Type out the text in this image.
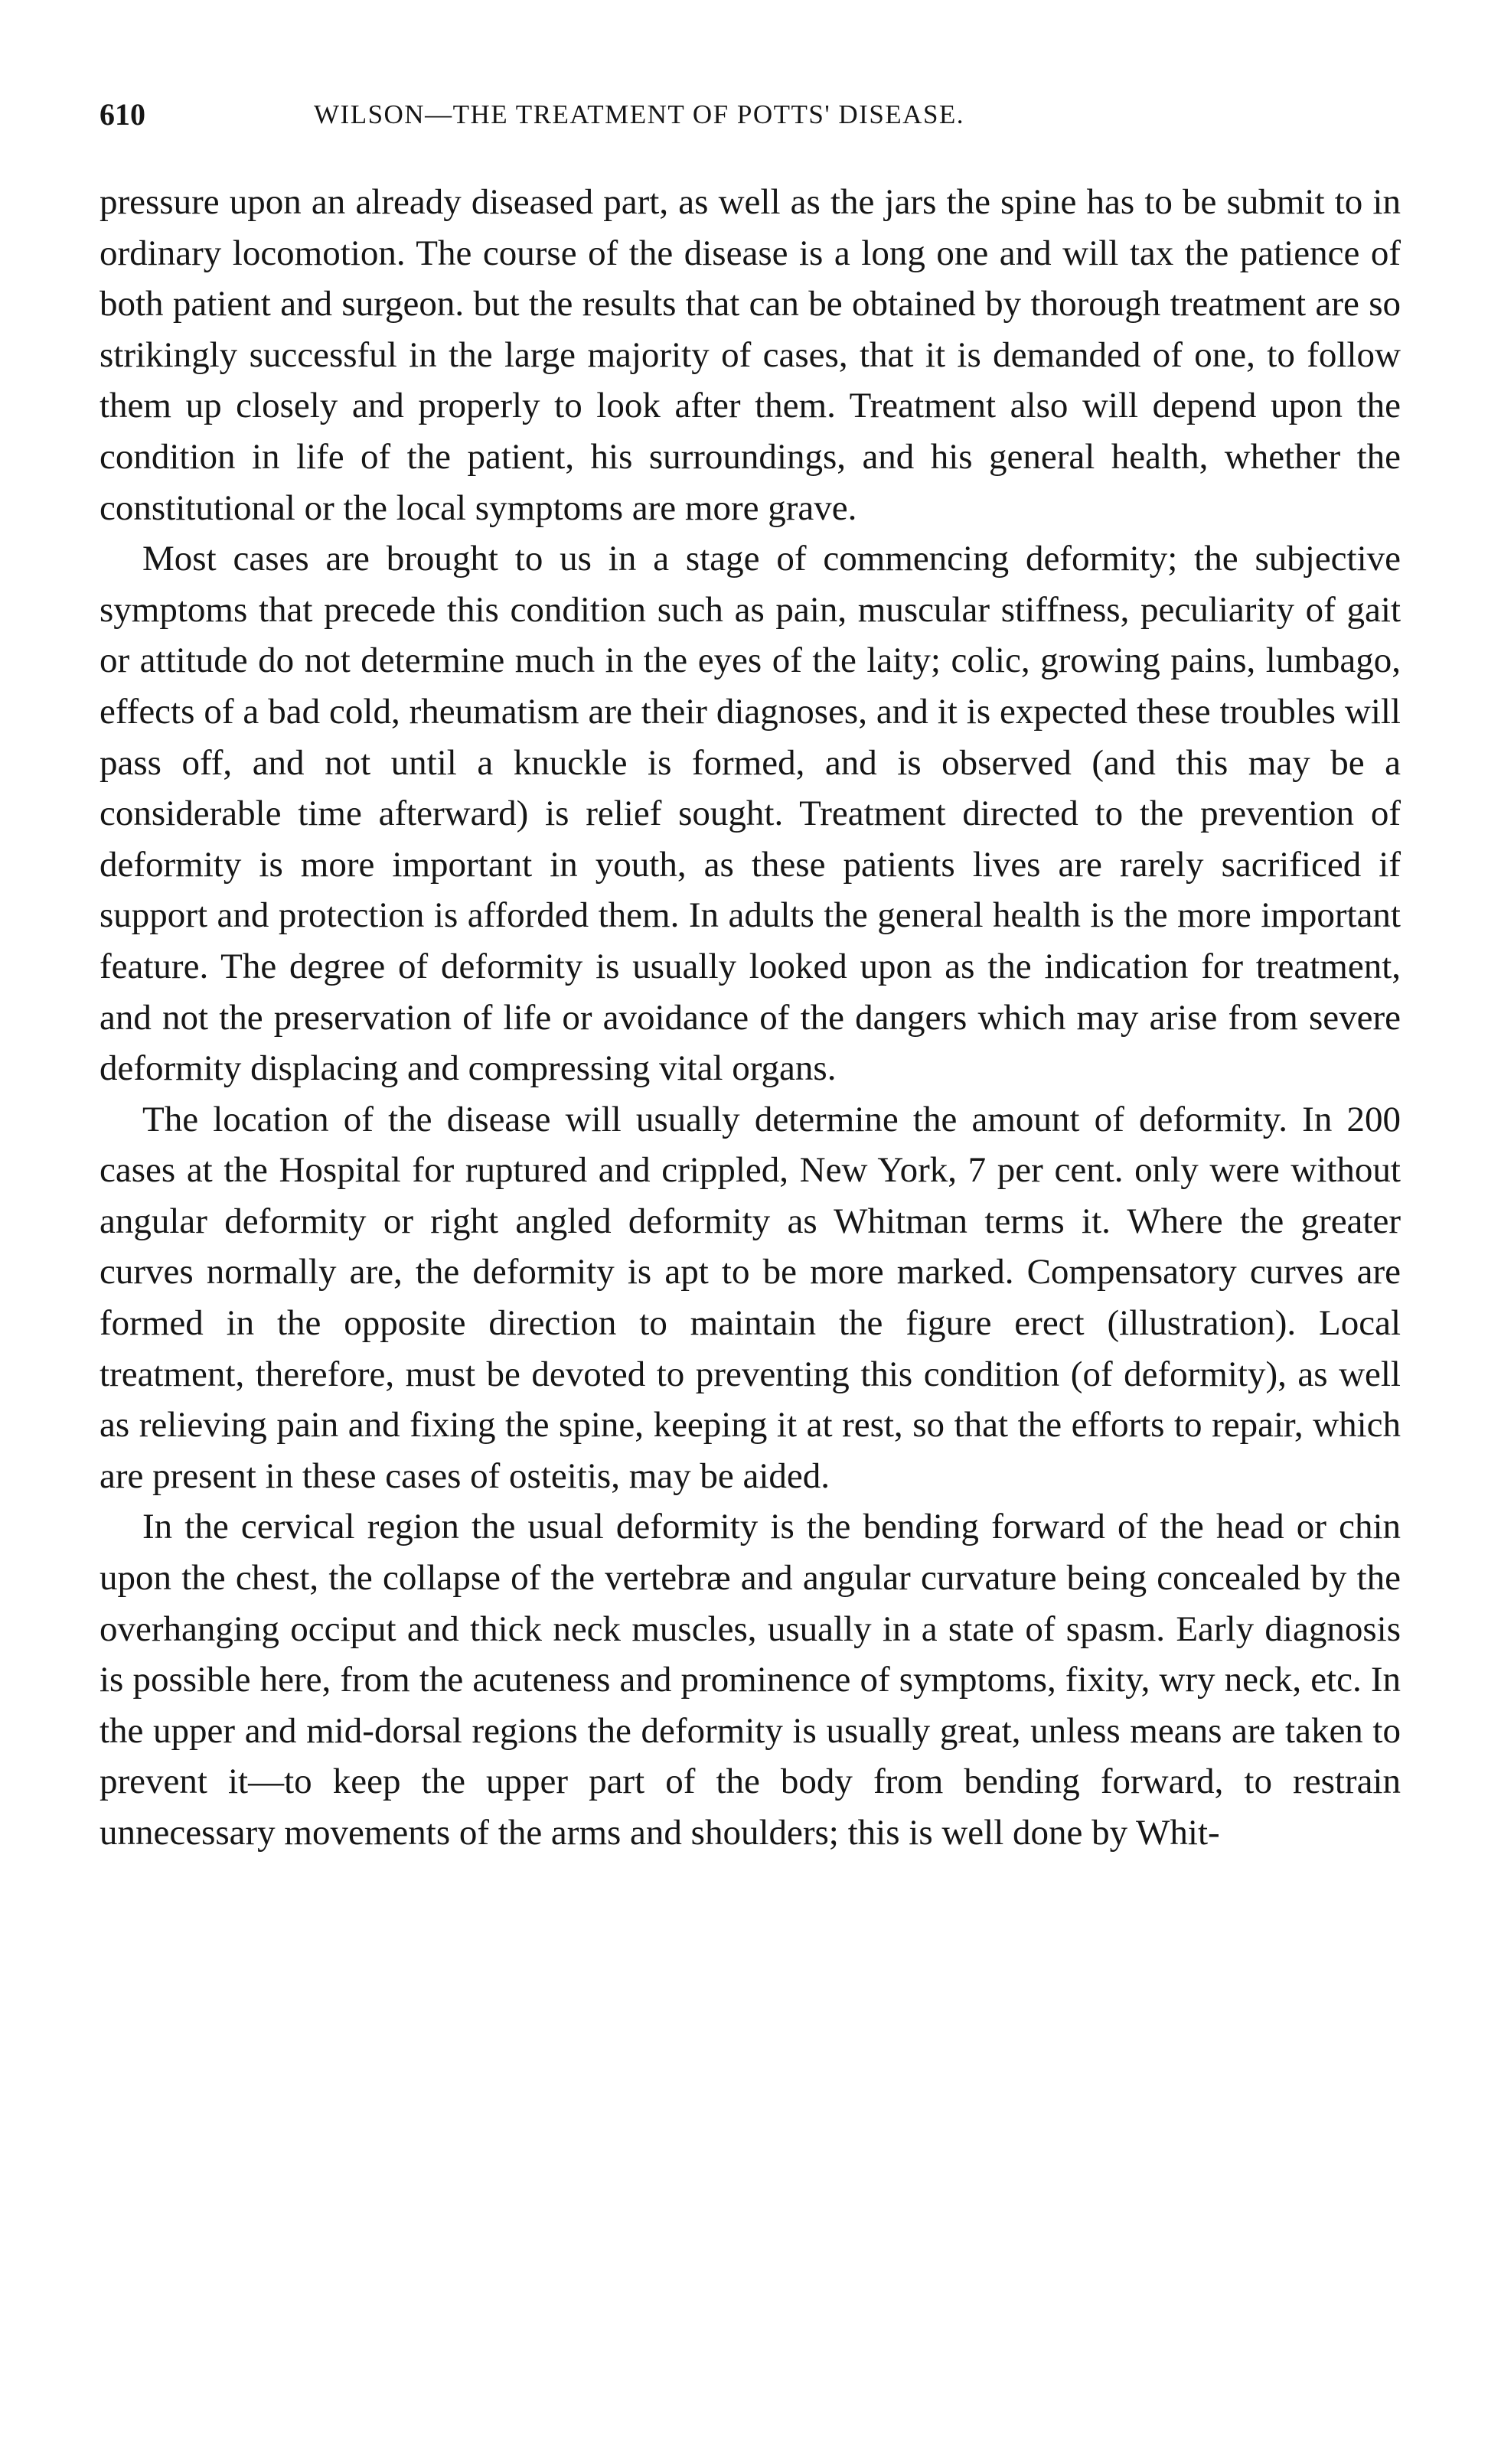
610	WILSON—THE TREATMENT OF POTTS' DISEASE.

pressure upon an already diseased part, as well as the jars the spine has to be submit to in ordinary locomotion. The course of the disease is a long one and will tax the patience of both patient and surgeon. but the results that can be obtained by thorough treatment are so strikingly successful in the large majority of cases, that it is demanded of one, to follow them up closely and properly to look after them. Treatment also will depend upon the condition in life of the patient, his surroundings, and his general health, whether the constitutional or the local symptoms are more grave.

Most cases are brought to us in a stage of commencing deformity; the subjective symptoms that precede this condition such as pain, muscular stiffness, peculiarity of gait or attitude do not determine much in the eyes of the laity; colic, growing pains, lumbago, effects of a bad cold, rheumatism are their diagnoses, and it is expected these troubles will pass off, and not until a knuckle is formed, and is observed (and this may be a considerable time afterward) is relief sought. Treatment directed to the prevention of deformity is more important in youth, as these patients lives are rarely sacrificed if support and protection is afforded them. In adults the general health is the more important feature. The degree of deformity is usually looked upon as the indication for treatment, and not the preservation of life or avoidance of the dangers which may arise from severe deformity displacing and compressing vital organs.

The location of the disease will usually determine the amount of deformity. In 200 cases at the Hospital for ruptured and crippled, New York, 7 per cent. only were without angular deformity or right angled deformity as Whitman terms it. Where the greater curves normally are, the deformity is apt to be more marked. Compensatory curves are formed in the opposite direction to maintain the figure erect (illustration). Local treatment, therefore, must be devoted to preventing this condition (of deformity), as well as relieving pain and fixing the spine, keeping it at rest, so that the efforts to repair, which are present in these cases of osteitis, may be aided.

In the cervical region the usual deformity is the bending forward of the head or chin upon the chest, the collapse of the vertebræ and angular curvature being concealed by the overhanging occiput and thick neck muscles, usually in a state of spasm. Early diagnosis is possible here, from the acuteness and prominence of symptoms, fixity, wry neck, etc. In the upper and mid-dorsal regions the deformity is usually great, unless means are taken to prevent it—to keep the upper part of the body from bending forward, to restrain unnecessary movements of the arms and shoulders; this is well done by Whit-
